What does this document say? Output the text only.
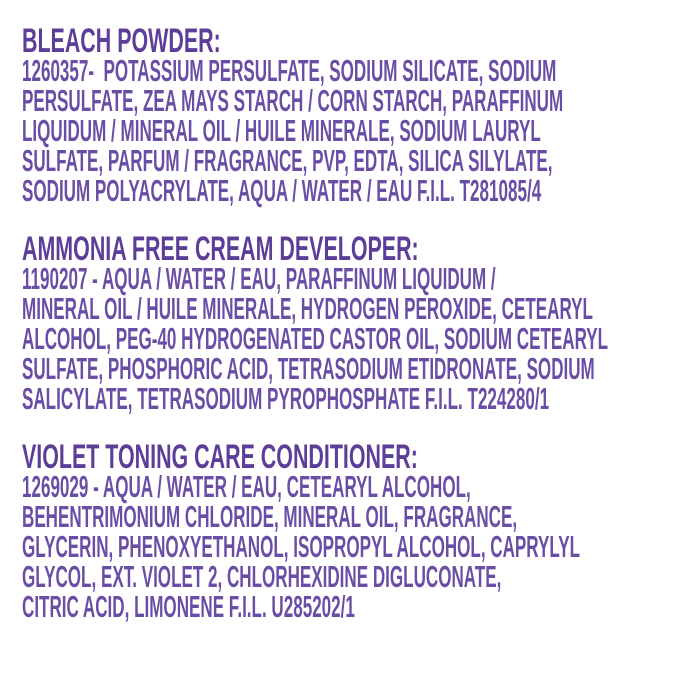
BLEACH POWDER:
1260357-  POTASSIUM PERSULFATE, SODIUM SILICATE, SODIUM
PERSULFATE, ZEA MAYS STARCH / CORN STARCH, PARAFFINUM
LIQUIDUM / MINERAL OIL / HUILE MINERALE, SODIUM LAURYL
SULFATE, PARFUM / FRAGRANCE, PVP, EDTA, SILICA SILYLATE,
SODIUM POLYACRYLATE, AQUA / WATER / EAU F.I.L. T281085/4
AMMONIA FREE CREAM DEVELOPER:
1190207 - AQUA / WATER / EAU, PARAFFINUM LIQUIDUM /
MINERAL OIL / HUILE MINERALE, HYDROGEN PEROXIDE, CETEARYL
ALCOHOL, PEG-40 HYDROGENATED CASTOR OIL, SODIUM CETEARYL
SULFATE, PHOSPHORIC ACID, TETRASODIUM ETIDRONATE, SODIUM
SALICYLATE, TETRASODIUM PYROPHOSPHATE F.I.L. T224280/1
VIOLET TONING CARE CONDITIONER:
1269029 - AQUA / WATER / EAU, CETEARYL ALCOHOL,
BEHENTRIMONIUM CHLORIDE, MINERAL OIL, FRAGRANCE,
GLYCERIN, PHENOXYETHANOL, ISOPROPYL ALCOHOL, CAPRYLYL
GLYCOL, EXT. VIOLET 2, CHLORHEXIDINE DIGLUCONATE,
CITRIC ACID, LIMONENE F.I.L. U285202/1
